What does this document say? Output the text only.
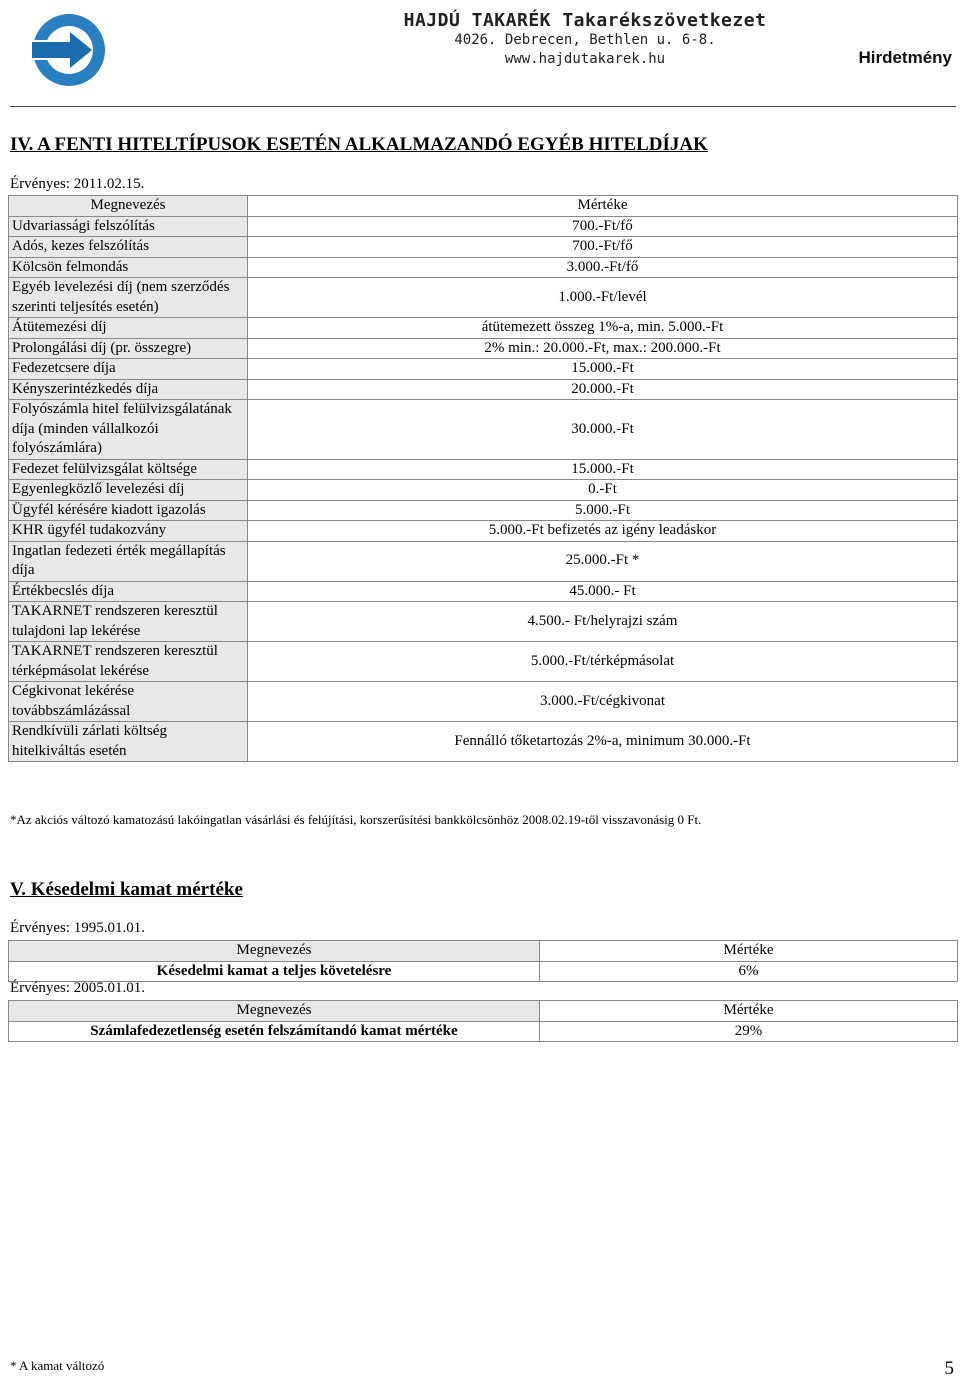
HAJDÚ TAKARÉK Takarékszövetkezet
4026. Debrecen, Bethlen u. 6-8.
www.hajdutakarek.hu	Hirdetmény
IV. A FENTI HITELTÍPUSOK ESETÉN ALKALMAZANDÓ EGYÉB HITELDÍJAK
Érvényes: 2011.02.15.
Megnevezés	Mértéke
Udvariassági felszólítás	700.-Ft/fő
Adós, kezes felszólítás	700.-Ft/fő
Kölcsön felmondás	3.000.-Ft/fő
Egyéb levelezési díj (nem szerződés szerinti teljesítés esetén)	1.000.-Ft/levél
Átütemezési díj	átütemezett összeg 1%-a, min. 5.000.-Ft
Prolongálási díj (pr. összegre)	2% min.: 20.000.-Ft, max.: 200.000.-Ft
Fedezetcsere díja	15.000.-Ft
Kényszerintézkedés díja	20.000.-Ft
Folyószámla hitel felülvizsgálatának díja (minden vállalkozói folyószámlára)	30.000.-Ft
Fedezet felülvizsgálat költsége	15.000.-Ft
Egyenlegközlő levelezési díj	0.-Ft
Ügyfél kérésére kiadott igazolás	5.000.-Ft
KHR ügyfél tudakozvány	5.000.-Ft befizetés az igény leadáskor
Ingatlan fedezeti érték megállapítás díja	25.000.-Ft *
Értékbecslés díja	45.000.- Ft
TAKARNET rendszeren keresztül tulajdoni lap lekérése	4.500.- Ft/helyrajzi szám
TAKARNET rendszeren keresztül térképmásolat lekérése	5.000.-Ft/térképmásolat
Cégkivonat lekérése továbbszámlázással	3.000.-Ft/cégkivonat
Rendkívüli zárlati költség hitelkiváltás esetén	Fennálló tőketartozás 2%-a, minimum 30.000.-Ft
*Az akciós változó kamatozású lakóingatlan vásárlási és felújítási, korszerűsítési bankkölcsönhöz 2008.02.19-től visszavonásig 0 Ft.
V. Késedelmi kamat mértéke
Érvényes: 1995.01.01.
Megnevezés	Mértéke
Késedelmi kamat a teljes követelésre	6%
Érvényes: 2005.01.01.
Megnevezés	Mértéke
Számlafedezetlenség esetén felszámítandó kamat mértéke	29%
* A kamat változó	5
